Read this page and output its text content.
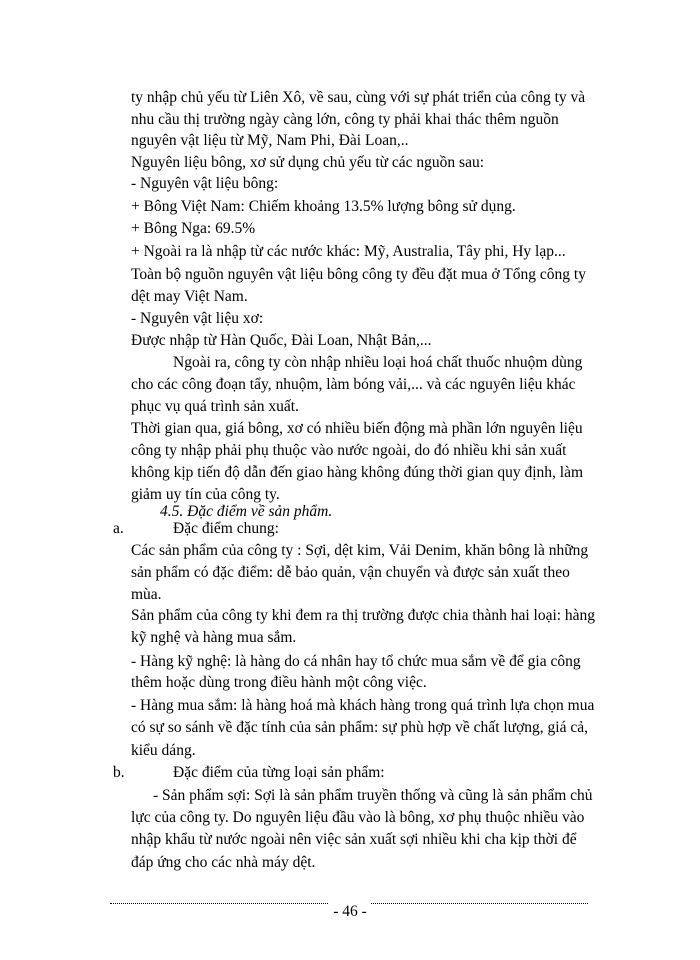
ty nhập chủ yếu từ Liên Xô, về sau, cùng với sự phát triển của công ty và
nhu cầu thị trường ngày càng lớn, công ty phải khai thác thêm nguồn
nguyên vật liệu từ Mỹ, Nam Phi, Đài Loan,..
Nguyên liệu bông, xơ sử dụng chủ yếu từ các nguồn sau:
- Nguyên vật liệu bông:
+ Bông Việt Nam: Chiếm khoảng 13.5% lượng bông sử dụng.
+ Bông Nga: 69.5%
+ Ngoài ra là nhập từ các nước khác: Mỹ, Australia, Tây phi, Hy lạp...
Toàn bộ nguồn nguyên vật liệu bông công ty đều đặt mua ở Tổng công ty
dệt may Việt Nam.
- Nguyên vật liệu xơ:
Được nhập từ Hàn Quốc, Đài Loan, Nhật Bản,...
Ngoài ra, công ty còn nhập nhiều loại hoá chất thuốc nhuộm dùng
cho các công đoạn tẩy, nhuộm, làm bóng vải,... và các nguyên liệu khác
phục vụ quá trình sản xuất.
Thời gian qua, giá bông, xơ có nhiều biến động mà phần lớn nguyên liệu
công ty nhập phải phụ thuộc vào nước ngoài, do đó nhiều khi sản xuất
không kịp tiến độ dẫn đến giao hàng không đúng thời gian quy định, làm
giảm uy tín của công ty.
4.5. Đặc điểm về sản phẩm.
a.	Đặc điểm chung:
Các sản phẩm của công ty : Sợi, dệt kim, Vải Denim, khăn bông là những
sản phẩm có đặc điểm: dễ bảo quản, vận chuyển và được sản xuất theo
mùa.
Sản phẩm của công ty khi đem ra thị trường được chia thành hai loại: hàng
kỹ nghệ và hàng mua sắm.
- Hàng kỹ nghệ: là hàng do cá nhân hay tổ chức mua sắm về để gia công
thêm hoặc dùng trong điều hành một công việc.
- Hàng mua sắm: là hàng hoá mà khách hàng trong quá trình lựa chọn mua
có sự so sánh về đặc tính của sản phẩm: sự phù hợp về chất lượng, giá cả,
kiểu dáng.
b.	Đặc điểm của từng loại sản phẩm:
- Sản phẩm sợi: Sợi là sản phẩm truyền thống và cũng là sản phẩm chủ
lực của công ty. Do nguyên liệu đầu vào là bông, xơ phụ thuộc nhiều vào
nhập khẩu từ nước ngoài nên việc sản xuất sợi nhiều khi cha kịp thời để
đáp ứng cho các nhà máy dệt.
- 46 -
